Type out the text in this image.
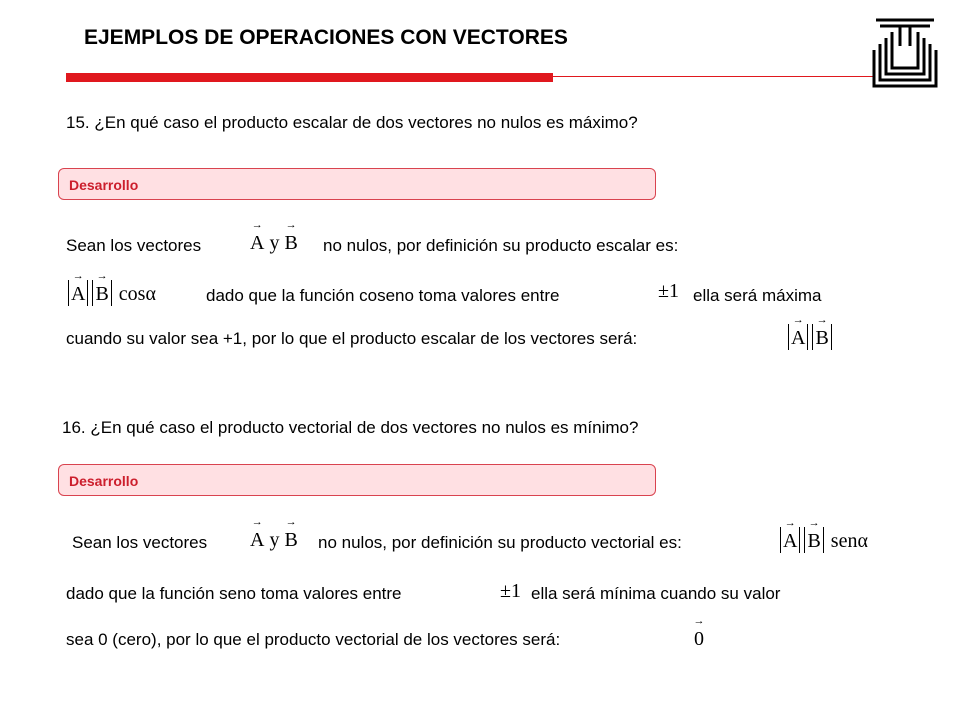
EJEMPLOS DE OPERACIONES CON VECTORES
15. ¿En qué caso el producto escalar de dos vectores no nulos es máximo?
Desarrollo
Sean los vectores → A y → B no nulos, por definición su producto escalar es:
→ A → B cosα	dado que la función coseno toma valores entre	±1 ella será máxima
cuando su valor sea +1, por lo que el producto escalar de los vectores será:	→ A → B
16. ¿En qué caso el producto vectorial de dos vectores no nulos es mínimo?
Desarrollo
Sean los vectores → A y → B no nulos, por definición su producto vectorial es:	→ A → B senα
dado que la función seno toma valores entre	±1 ella será mínima cuando su valor
sea 0 (cero), por lo que el producto vectorial de los vectores será:	→ 0
